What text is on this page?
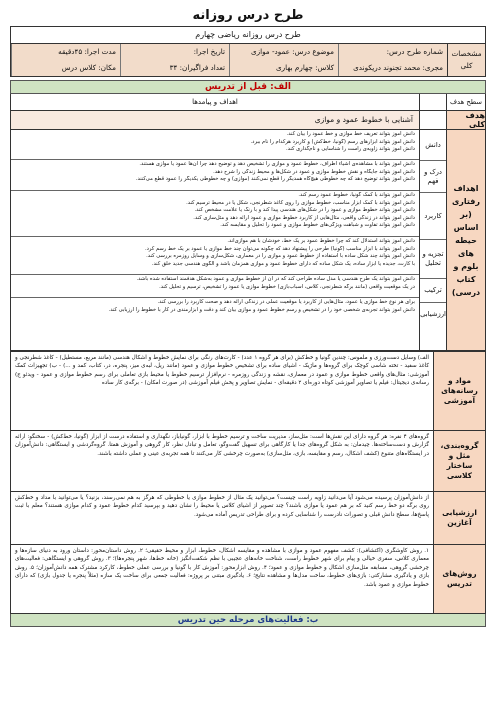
طرح درس روزانه
طرح درس روزانه ریاضی چهارم
مشخصات کلی
شماره طرح درس:
موضوع درس: عمود- موازی
تاریخ اجرا:
مدت اجرا: ۴۵دقیقه
مجری: محمد تجنوند دریکوندی
کلاس: چهارم بهاری
تعداد فراگیران: ۳۴
مکان: کلاس درس
الف: قبل از تدریس
سطح هدف
هدف کلی
اهداف رفتاری (بر اساس حیطه های بلوم و کتاب درسی)
دانش
درک و فهم
کاربرد
تجزیه و تحلیل
ترکیب
ارزشیابی
اهداف و پیامدها
آشنایی با خطوط عمود و موازی
دانش آموز بتواند تعریف خط موازی و خط عمود را بیان کند.
دانش آموز بتواند ابزارهای رسم (گونیا، خط‌کش) و کاربرد هرکدام را نام ببرد.
دانش آموز بتواند زاویه‌ی راست را شناسایی و نام‌گذاری کند.
دانش آموز بتواند با مشاهده‌ی اشیاء اطراف، خطوط عمود و موازی را تشخیص دهد و توضیح دهد چرا آن‌ها عمود یا موازی هستند.
دانش آموز بتواند جایگاه و نقش خطوط موازی و عمود در شکل‌ها و محیط زندگی را شرح دهد.
دانش آموز بتواند توضیح دهد که چه خطوطی هیچ‌گاه همدیگر را قطع نمی‌کنند (موازی) و چه خطوطی یکدیگر را عمود قطع می‌کنند.
دانش آموز بتواند با کمک گونیا، خطوط عمود رسم کند.
دانش آموز بتواند با کمک ابزار مناسب، خطوط موازی را روی کاغذ شطرنجی، شکل یا در محیط ترسیم کند.
دانش آموز بتواند خطوط موازی و عمود را در شکل‌های هندسی پیدا کند و با رنگ یا علامت مشخص کند.
دانش آموز بتواند در زندگی واقعی، مثال‌هایی از کاربرد خطوط موازی و عمود ارائه دهد و مثل‌سازی کند.
دانش آموز بتواند تفاوت و شباهت ویژگی‌های خطوط موازی و عمود را تحلیل و مقایسه کند.
دانش آموز بتواند استدلال کند که چرا خطوط عمود بر یک خط، خودشان با هم موازی‌اند.
دانش آموز بتواند با ابزار مناسب (گونیا) طرحی را پیشنهاد دهد که چگونه می‌توان چند خط موازی یا عمود بر یک خط رسم کرد.
دانش آموز بتواند چند شکل ساده با استفاده از خطوط عمود و موازی را در معماری، شکل‌سازی و وسایل روزمره بررسی کند.
با کارت، جدیده یا ابزار ساده، یک شکل ساده که دارای خطوط عمود و موازی همزمان باشد و الگوی هندسی جدید خلق کند.
دانش آموز بتواند یک طرح هندسی یا مدل ساده طراحی کند که در آن از خطوط موازی و عمود به‌شکل هدفمند استفاده شده باشد.
در یک موقعیت واقعی (مانند برگه شطرنجی، کلاس، اسباب‌بازی) خطوط موازی یا عمود را تشخیص، ترسیم و تحلیل کند.
برای هر نوع خط موازی یا عمود، مثال‌هایی از کاربرد یا موقعیت عملی در زندگی ارائه دهد و صحت کاربرد را بررسی کند.
دانش آموز بتواند تجربه‌ی شخصی خود را در تشخیص و رسم خطوط عمود و موازی بیان کند و دقت و ابزارمندی در کار با خطوط را ارزیابی کند.
مواد و رسانه‌های آموزشی
الف) وسایل دست‌ورزی و ملموس: چندین گونیا و خط‌کش (برای هر گروه ۱ عدد) - کارت‌های رنگی برای نمایش خطوط و اشکال هندسی (مانند مربع، مستطیل) - کاغذ شطرنجی و کاغذ سفید - تخته شاسی کوچک برای گروه‌ها و ماژیک - اشیای ساده برای تشخیص خطوط موازی و عمود (مانند ریل، لبه‌ی میز، پنجره، در، کتاب، کمد و ...) - ب) تجهیزات کمک آموزشی: مثال‌های واقعی خطوط موازی و عمود در معماری، نقشه و زندگی روزمره - نرم‌افزار ترسیم خطوط یا محیط بازی تعاملی برای رسم خطوط موازی و عمود - ویدئو ج) رسانه‌ی دیجیتال: فیلم یا تصاویر آموزشی کوتاه دوره‌ای ۲ دقیقه‌ای - نمایش تصاویر و پخش فیلم آموزشی (در صورت امکان) - برگه‌ی کار ساده
گروه‌بندی، مثل و ساختار کلاسی
گروه‌های ۴ نفره: هر گروه دارای این نقش‌ها است: مثل‌ساز، مدیریت ساخت و ترسیم خطوط با ابزار، گونیا‌باز، نگهداری و استفاده درست از ابزار (گونیا، خط‌کش) - سخنگو: ارائه گزارش و دست‌ساخته‌ها. چیدمان: به شکل گروه‌های جدا یا کارگاهی برای تسهیل گفت‌وگو، تعامل و تبادل نظر، کار گروهی و آموزش همتا. گروه‌گردشی و ایستگاهی: دانش‌آموزان در ایستگاه‌های متنوع (کشف اشکال، رسم و مقایسه، بازی، مثل‌سازی) به‌صورت چرخشی کار می‌کنند تا همه تجربه‌ی عینی و عملی داشته باشند.
ارزشیابی آغازین
از دانش‌آموزان پرسیده می‌شود آیا می‌دانید زاویه راست چیست؟ می‌توانید یک مثال از خطوط موازی یا خطوطی که هرگز به هم نمی‌رسند، بزنید؟ یا می‌توانید با مداد و خط‌کش روی برگه دو خط رسم کنید که بر هم عمود یا موازی باشند؟ چند تصویر از اشیای کلاس یا محیط را نشان دهید و بپرسید کدام خطوط عمود و کدام موازی هستند؟ معلم با ثبت پاسخ‌ها، سطح دانش قبلی و تصورات نادرست را شناسایی کرده و برای طراحی تدریس آماده می‌شود.
روش‌های تدریس
۱. روش کاوشگری (اکتشافی): کشف مفهوم عمود و موازی با مشاهده و مقایسه اشکال، خطوط، ابزار و محیط حقیقی؛ ۲. روش داستان‌محور: داستان ورود به دنیای سازه‌ها و معماری کلاس، سفری خیالی و پیام برای شهر خطوط راست، شناخت خانه‌های عجیبی با نظم شکفت‌انگیز (خانه خط‌ها، شهر پنجره‌ها)؛ ۳. روش گروهی و ایستگاهی: فعالیت‌های چرخشی گروهی، مسابقه مثل‌سازی اشکال و خطوط موازی و عمود؛ ۴. روش ابزارمحور: آموزش کار با گونیا و بررسی عملی خطوط، کارکرد مشترک همه دانش‌آموزان؛ ۵. روش بازی و یادگیری مشارکتی: بازی‌های خطوط، ساخت مدل‌ها و مشاهده نتایج؛ ۶. یادگیری مبتنی بر پروژه: فعالیت جمعی برای ساخت یک سازه (مثلاً پنجره یا جدول بازی) که دارای خطوط موازی و عمود باشد.
ب: فعالیت‌های مرحله حین تدریس
